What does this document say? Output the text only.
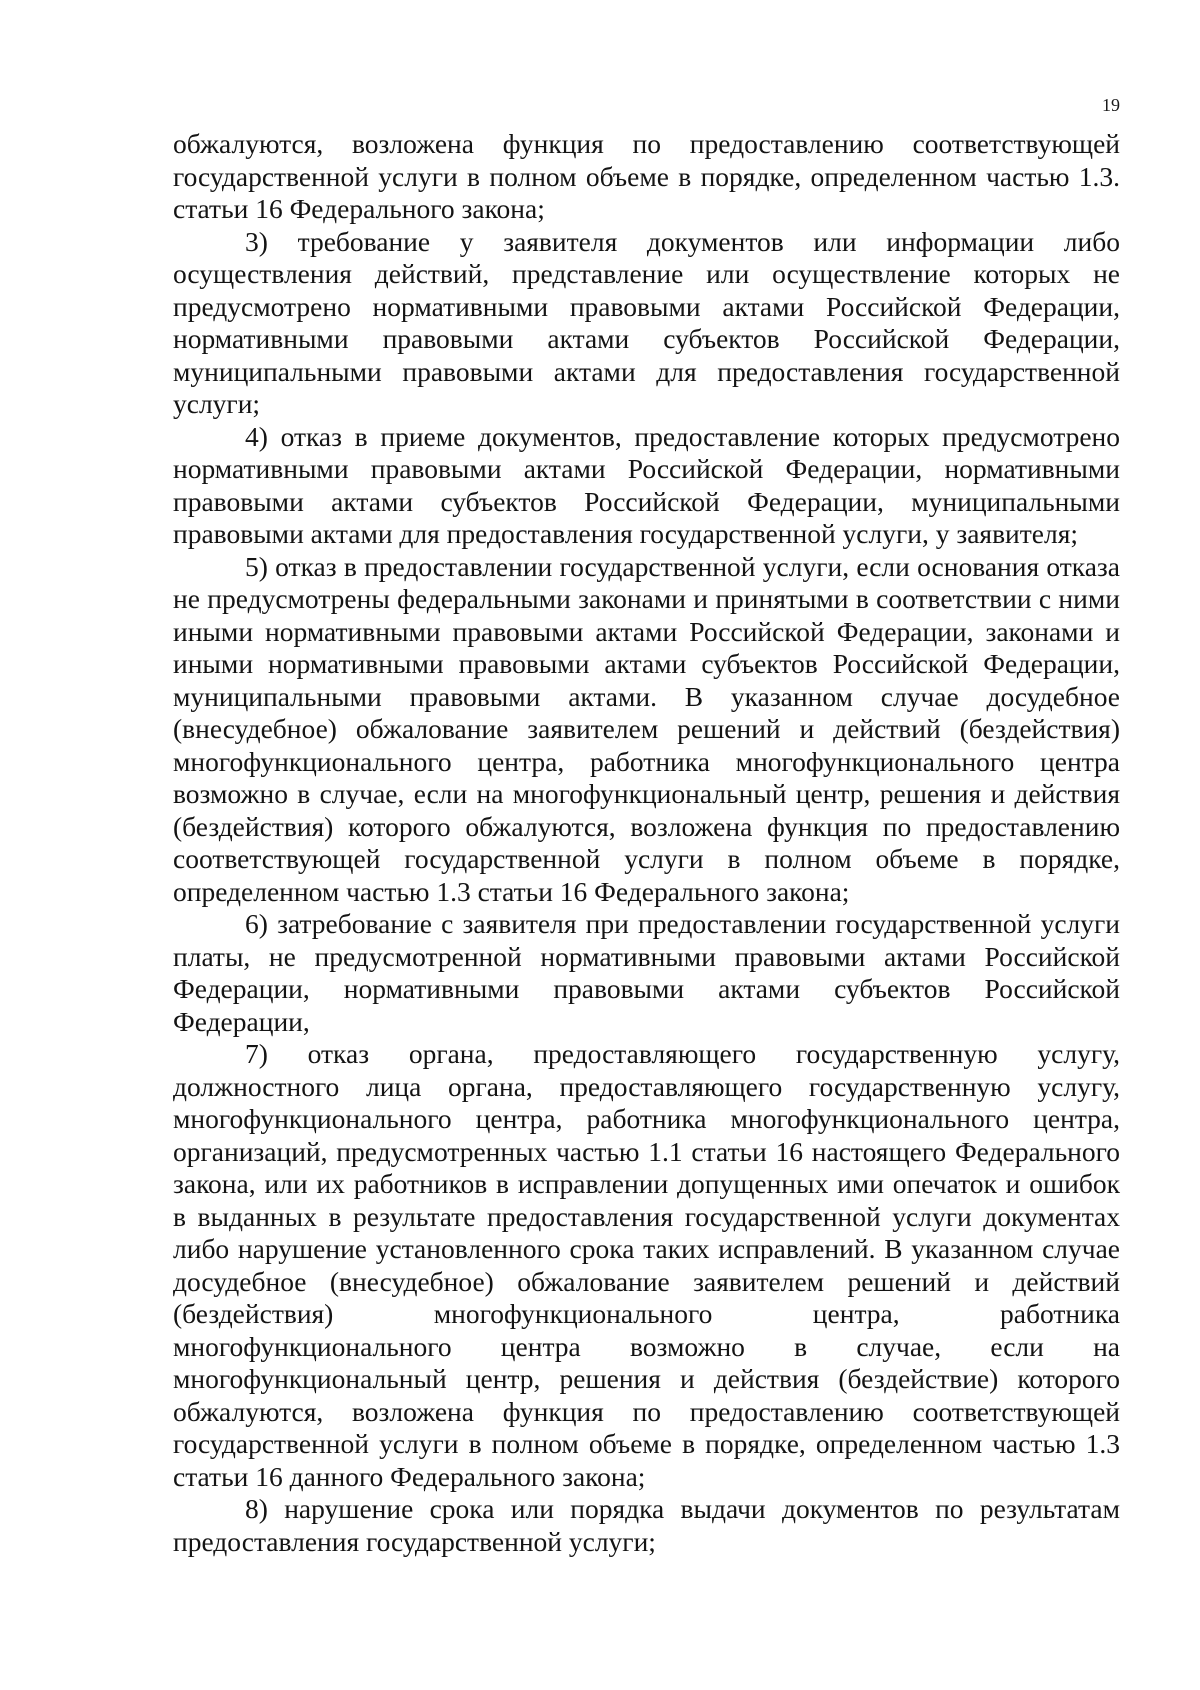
19

обжалуются, возложена функция по предоставлению соответствующей государственной услуги в полном объеме в порядке, определенном частью 1.3. статьи 16 Федерального закона;

3) требование у заявителя документов или информации либо осуществления действий, представление или осуществление которых не предусмотрено нормативными правовыми актами Российской Федерации, нормативными правовыми актами субъектов Российской Федерации, муниципальными правовыми актами для предоставления государственной услуги;

4) отказ в приеме документов, предоставление которых предусмотрено нормативными правовыми актами Российской Федерации, нормативными правовыми актами субъектов Российской Федерации, муниципальными правовыми актами для предоставления государственной услуги, у заявителя;

5) отказ в предоставлении государственной услуги, если основания отказа не предусмотрены федеральными законами и принятыми в соответствии с ними иными нормативными правовыми актами Российской Федерации, законами и иными нормативными правовыми актами субъектов Российской Федерации, муниципальными правовыми актами. В указанном случае досудебное (внесудебное) обжалование заявителем решений и действий (бездействия) многофункционального центра, работника многофункционального центра возможно в случае, если на многофункциональный центр, решения и действия (бездействия) которого обжалуются, возложена функция по предоставлению соответствующей государственной услуги в полном объеме в порядке, определенном частью 1.3 статьи 16 Федерального закона;

6) затребование с заявителя при предоставлении государственной услуги платы, не предусмотренной нормативными правовыми актами Российской Федерации, нормативными правовыми актами субъектов Российской Федерации,

7) отказ органа, предоставляющего государственную услугу, должностного лица органа, предоставляющего государственную услугу, многофункционального центра, работника многофункционального центра, организаций, предусмотренных частью 1.1 статьи 16 настоящего Федерального закона, или их работников в исправлении допущенных ими опечаток и ошибок в выданных в результате предоставления государственной услуги документах либо нарушение установленного срока таких исправлений. В указанном случае досудебное (внесудебное) обжалование заявителем решений и действий (бездействия) многофункционального центра, работника многофункционального центра возможно в случае, если на многофункциональный центр, решения и действия (бездействие) которого обжалуются, возложена функция по предоставлению соответствующей государственной услуги в полном объеме в порядке, определенном частью 1.3 статьи 16 данного Федерального закона;

8) нарушение срока или порядка выдачи документов по результатам предоставления государственной услуги;
